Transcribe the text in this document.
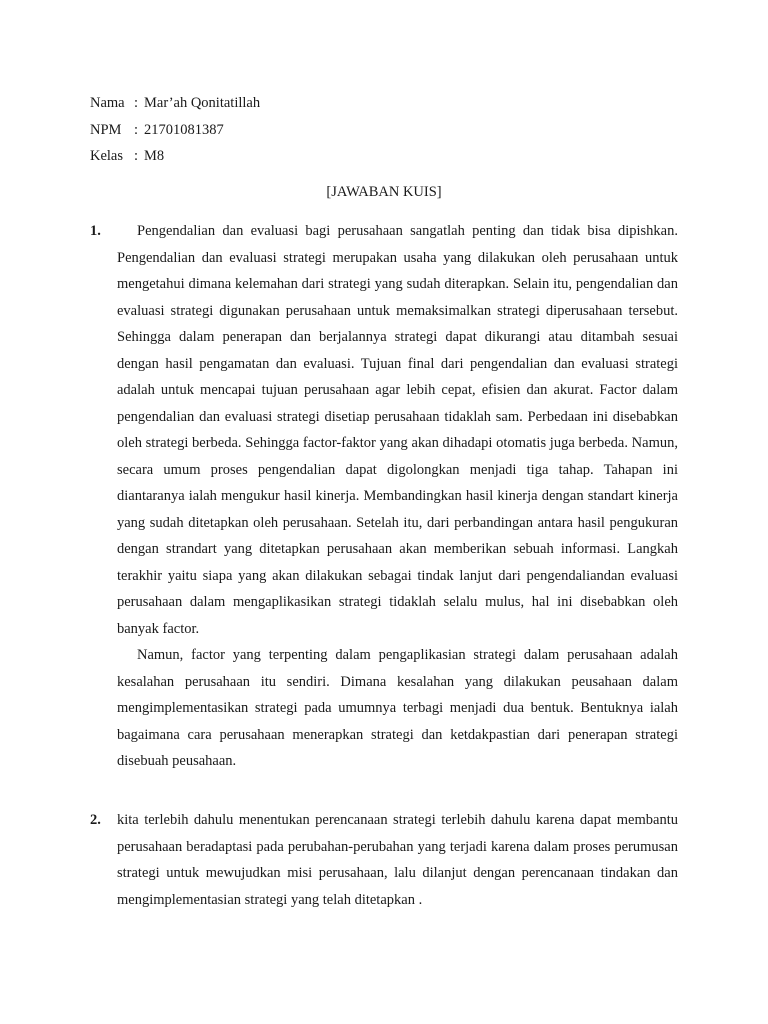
Nama : Mar’ah Qonitatillah
NPM : 21701081387
Kelas : M8
[JAWABAN KUIS]
1.	Pengendalian dan evaluasi bagi perusahaan sangatlah penting dan tidak bisa dipishkan. Pengendalian dan evaluasi strategi merupakan usaha yang dilakukan oleh perusahaan untuk mengetahui dimana kelemahan dari strategi yang sudah diterapkan. Selain itu, pengendalian dan evaluasi strategi digunakan perusahaan untuk memaksimalkan strategi diperusahaan tersebut. Sehingga dalam penerapan dan berjalannya strategi dapat dikurangi atau ditambah sesuai dengan hasil pengamatan dan evaluasi. Tujuan final dari pengendalian dan evaluasi strategi adalah untuk mencapai tujuan perusahaan agar lebih cepat, efisien dan akurat. Factor dalam pengendalian dan evaluasi strategi disetiap perusahaan tidaklah sam. Perbedaan ini disebabkan oleh strategi berbeda. Sehingga factor-faktor yang akan dihadapi otomatis juga berbeda. Namun, secara umum proses pengendalian dapat digolongkan menjadi tiga tahap. Tahapan ini diantaranya ialah mengukur hasil kinerja. Membandingkan hasil kinerja dengan standart kinerja yang sudah ditetapkan oleh perusahaan. Setelah itu, dari perbandingan antara hasil pengukuran dengan strandart yang ditetapkan perusahaan akan memberikan sebuah informasi. Langkah terakhir yaitu siapa yang akan dilakukan sebagai tindak lanjut dari pengendaliandan evaluasi perusahaan dalam mengaplikasikan strategi tidaklah selalu mulus, hal ini disebabkan oleh banyak factor.

Namun, factor yang terpenting dalam pengaplikasian strategi dalam perusahaan adalah kesalahan perusahaan itu sendiri. Dimana kesalahan yang dilakukan peusahaan dalam mengimplementasikan strategi pada umumnya terbagi menjadi dua bentuk. Bentuknya ialah bagaimana cara perusahaan menerapkan strategi dan ketdakpastian dari penerapan strategi disebuah peusahaan.

2. kita terlebih dahulu menentukan perencanaan strategi terlebih dahulu karena dapat membantu perusahaan beradaptasi pada perubahan-perubahan yang terjadi karena dalam proses perumusan strategi untuk mewujudkan misi perusahaan, lalu dilanjut dengan perencanaan tindakan dan mengimplementasian strategi yang telah ditetapkan .
